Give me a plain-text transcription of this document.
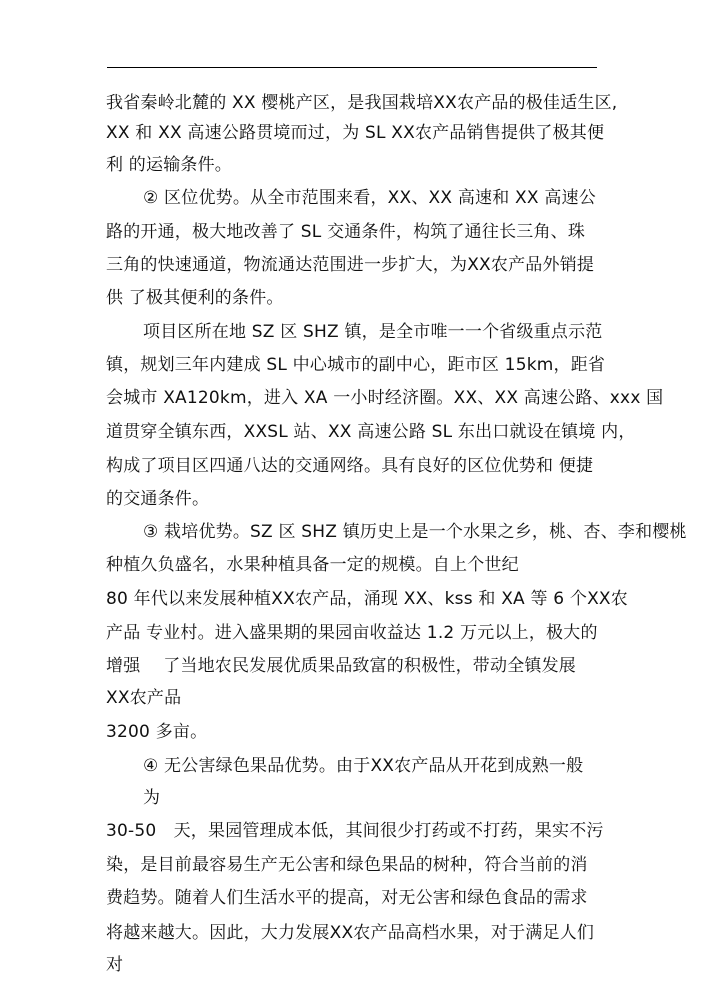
我省秦岭北麓的 XX 樱桃产区，是我国栽培XX农产品的极佳适生区,
XX 和 XX 高速公路贯境而过，为 SL XX农产品销售提供了极其便
利 的运输条件。
② 区位优势。从全市范围来看，XX、XX 高速和 XX 高速公
路的开通，极大地改善了 SL 交通条件，构筑了通往长三角、珠
三角的快速通道，物流通达范围进一步扩大，为XX农产品外销提
供 了极其便利的条件。
项目区所在地 SZ 区 SHZ 镇，是全市唯一一个省级重点示范
镇，规划三年内建成 SL 中心城市的副中心，距市区 15km，距省
会城市 XA120km，进入 XA 一小时经济圈。XX、XX 高速公路、xxx 国
道贯穿全镇东西，XXSL 站、XX 高速公路 SL 东出口就设在镇境 内，
构成了项目区四通八达的交通网络。具有良好的区位优势和 便捷
的交通条件。
③ 栽培优势。SZ 区 SHZ 镇历史上是一个水果之乡，桃、杏、李和樱桃
种植久负盛名，水果种植具备一定的规模。自上个世纪
80 年代以来发展种植XX农产品，涌现 XX、kss 和 XA 等 6 个XX农
产品 专业村。进入盛果期的果园亩收益达 1.2 万元以上，极大的
增强　 了当地农民发展优质果品致富的积极性，带动全镇发展
XX农产品
3200 多亩。
④ 无公害绿色果品优势。由于XX农产品从开花到成熟一般
为
30-50　天，果园管理成本低，其间很少打药或不打药，果实不污
染，是目前最容易生产无公害和绿色果品的树种，符合当前的消
费趋势。随着人们生活水平的提高，对无公害和绿色食品的需求
将越来越大。因此，大力发展XX农产品高档水果，对于满足人们
对
